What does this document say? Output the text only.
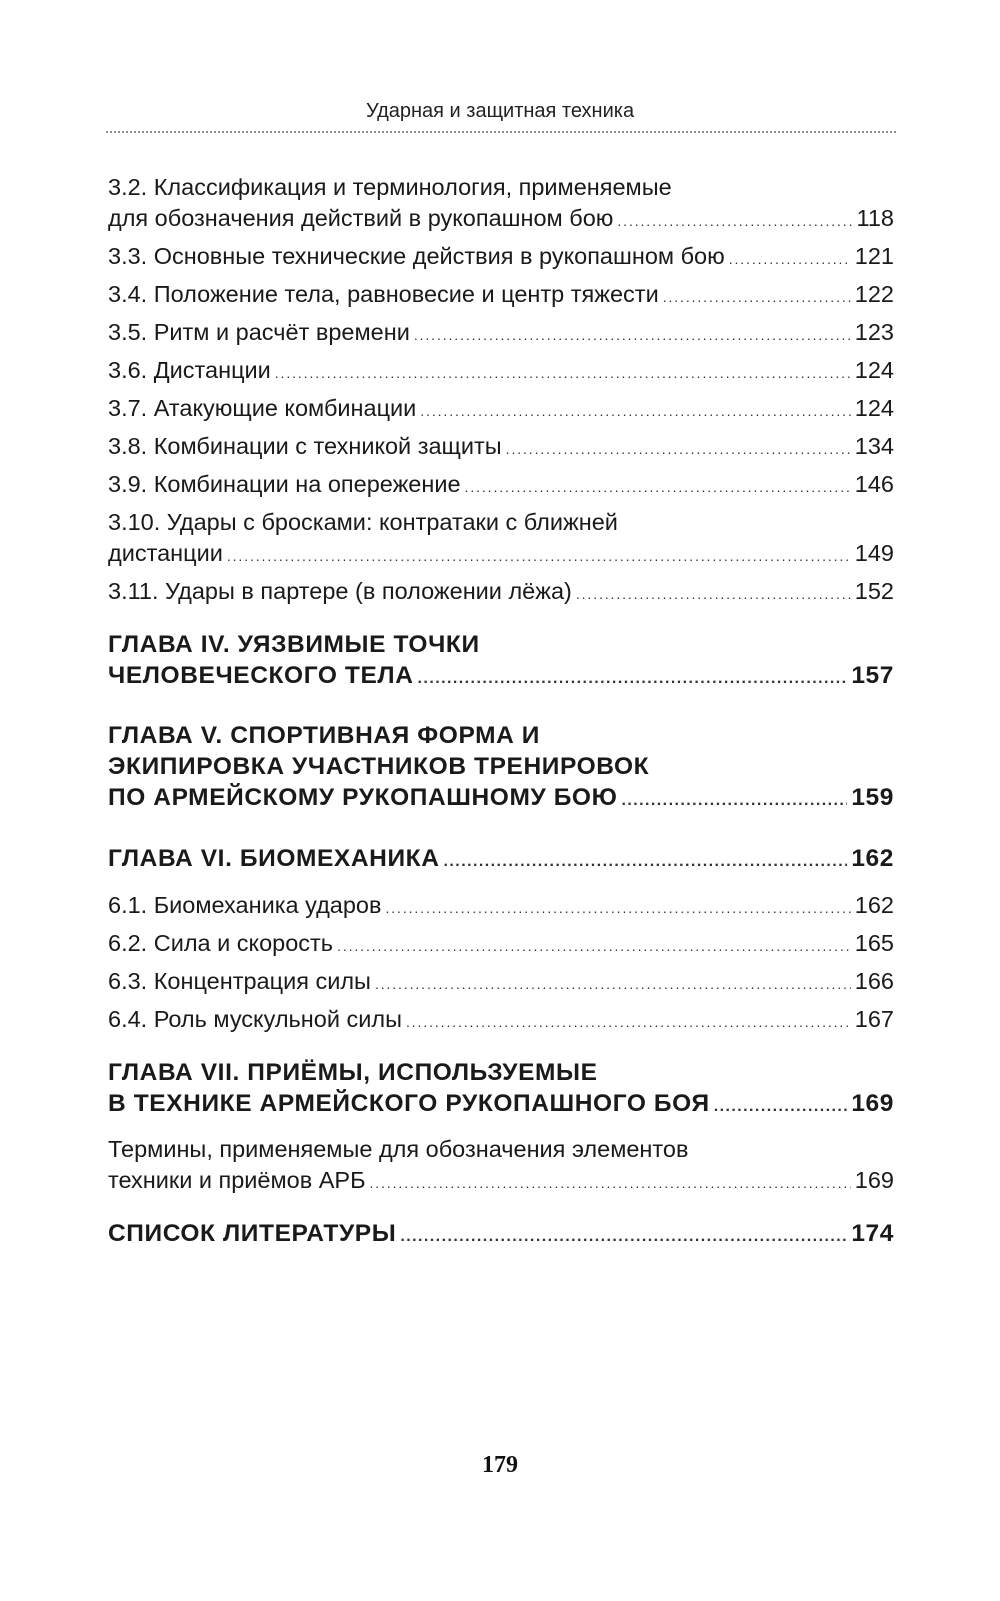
Ударная и защитная техника
3.2. Классификация и терминология, применяемые
для обозначения действий в рукопашном бою . . .	118
3.3. Основные технические действия в рукопашном бою . . .	121
3.4. Положение тела, равновесие и центр тяжести . . .	122
3.5. Ритм и расчёт времени . . .	123
3.6. Дистанции . . .	124
3.7. Атакующие комбинации . . .	124
3.8. Комбинации с техникой защиты . . .	134
3.9. Комбинации на опережение . . .	146
3.10. Удары с бросками: контратаки с ближней
дистанции . . .	149
3.11. Удары в партере (в положении лёжа) . . .	152
ГЛАВА IV. УЯЗВИМЫЕ ТОЧКИ
ЧЕЛОВЕЧЕСКОГО ТЕЛА . . .	157
ГЛАВА V. СПОРТИВНАЯ ФОРМА И
ЭКИПИРОВКА УЧАСТНИКОВ ТРЕНИРОВОК
ПО АРМЕЙСКОМУ РУКОПАШНОМУ БОЮ . . .	159
ГЛАВА VI. БИОМЕХАНИКА . . .	162
6.1. Биомеханика ударов . . .	162
6.2. Сила и скорость . . .	165
6.3. Концентрация силы . . .	166
6.4. Роль мускульной силы . . .	167
ГЛАВА VII. ПРИЁМЫ, ИСПОЛЬЗУЕМЫЕ
В ТЕХНИКЕ АРМЕЙСКОГО РУКОПАШНОГО БОЯ . . .	169
Термины, применяемые для обозначения элементов
техники и приёмов АРБ . . .	169
СПИСОК ЛИТЕРАТУРЫ . . .	174
179
